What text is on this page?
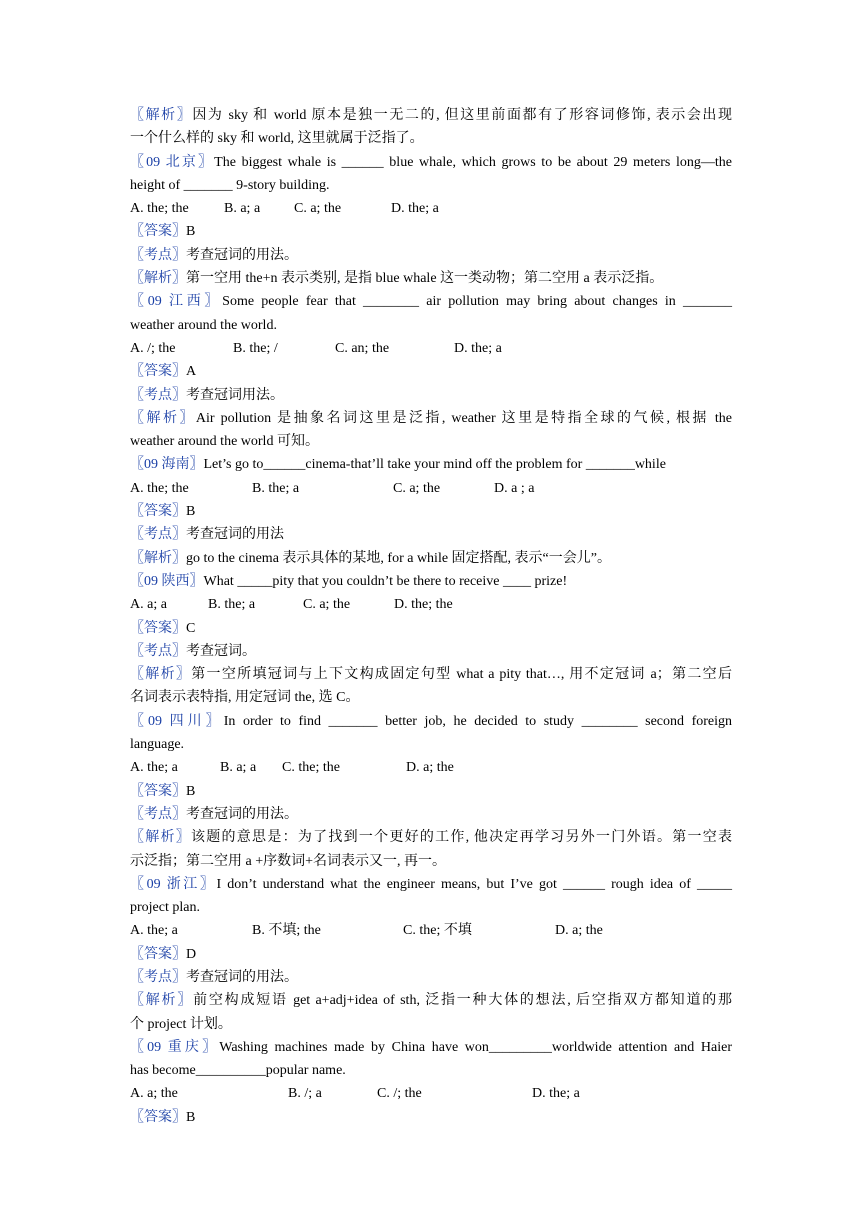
〖解析〗因为 sky 和 world 原本是独一无二的, 但这里前面都有了形容词修饰, 表示会出现
一个什么样的 sky 和 world, 这里就属于泛指了。
〖09 北京〗The biggest whale is ______ blue whale, which grows to be about 29 meters long—the
height of _______ 9-story building.
A. the; the	B. a; a C. a; the	D. the; a
〖答案〗B
〖考点〗考查冠词的用法。
〖解析〗第一空用 the+n 表示类别, 是指 blue whale 这一类动物；第二空用 a 表示泛指。
〖09 江西〗Some people fear that ________ air pollution may bring about changes in _______
weather around the world.
A. /; the	B. the; /	C. an; the	D. the; a
〖答案〗A
〖考点〗考查冠词用法。
〖解析〗Air pollution 是抽象名词这里是泛指, weather 这里是特指全球的气候, 根据 the
weather around the world 可知。
〖09 海南〗Let’s go to______cinema-that’ll take your mind off the problem for _______while
A. the; the	B. the; a	C. a; the	D. a ; a
〖答案〗B
〖考点〗考查冠词的用法
〖解析〗go to the cinema 表示具体的某地, for a while 固定搭配, 表示“一会儿”。
〖09 陕西〗What _____pity that you couldn’t be there to receive ____ prize!
A. a; a	B. the; a	C. a; the	D. the; the
〖答案〗C
〖考点〗考查冠词。
〖解析〗第一空所填冠词与上下文构成固定句型 what a pity that…, 用不定冠词 a；第二空后
名词表示表特指, 用定冠词 the, 选 C。
〖09 四川〗In order to find _______ better job, he decided to study ________ second foreign
language.
A. the; a	B. a; a C. the; the	D. a; the
〖答案〗B
〖考点〗考查冠词的用法。
〖解析〗该题的意思是：为了找到一个更好的工作, 他决定再学习另外一门外语。第一空表
示泛指；第二空用 a +序数词+名词表示又一, 再一。
〖09 浙江〗I don’t understand what the engineer means, but I’ve got ______ rough idea of _____
project plan.
A. the; a	B. 不填; the	C. the; 不填	D. a; the
〖答案〗D
〖考点〗考查冠词的用法。
〖解析〗前空构成短语 get a+adj+idea of sth, 泛指一种大体的想法, 后空指双方都知道的那
个 project 计划。
〖09 重庆〗Washing machines made by China have won_________worldwide attention and Haier
has become__________popular name.
A. a; the	B. /; a	C. /; the	D. the; a
〖答案〗B
